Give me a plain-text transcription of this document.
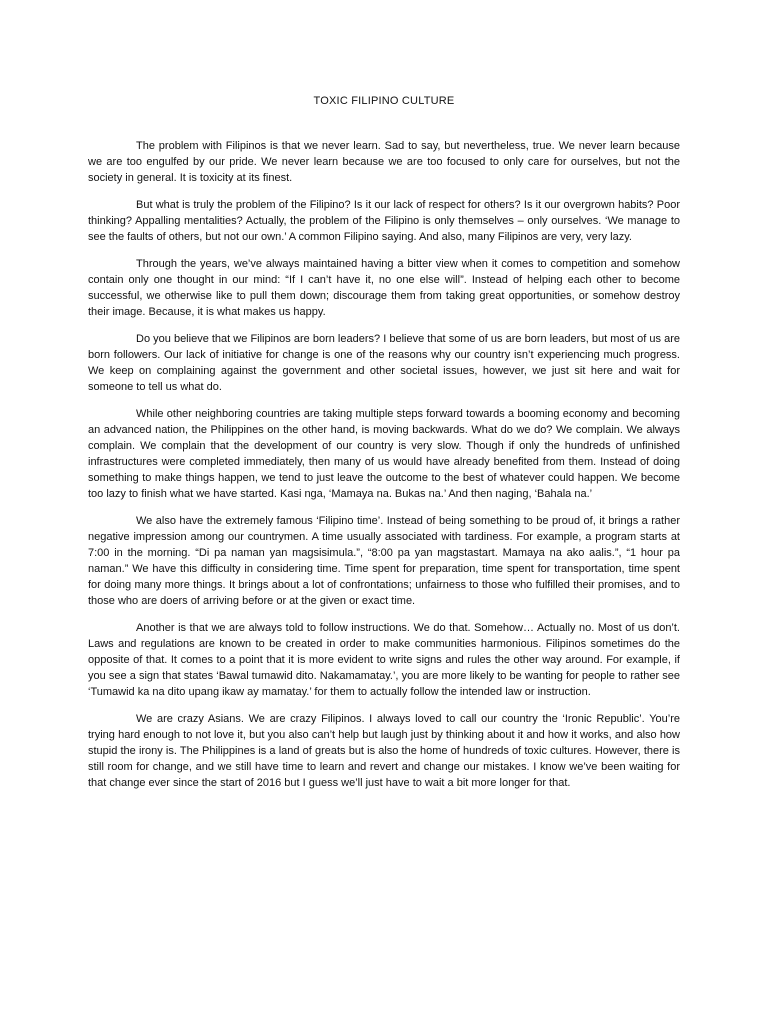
TOXIC FILIPINO CULTURE

The problem with Filipinos is that we never learn. Sad to say, but nevertheless, true. We never learn because we are too engulfed by our pride. We never learn because we are too focused to only care for ourselves, but not the society in general. It is toxicity at its finest.

But what is truly the problem of the Filipino? Is it our lack of respect for others? Is it our overgrown habits? Poor thinking? Appalling mentalities? Actually, the problem of the Filipino is only themselves – only ourselves. ‘We manage to see the faults of others, but not our own.’ A common Filipino saying. And also, many Filipinos are very, very lazy.

Through the years, we’ve always maintained having a bitter view when it comes to competition and somehow contain only one thought in our mind: “If I can’t have it, no one else will”. Instead of helping each other to become successful, we otherwise like to pull them down; discourage them from taking great opportunities, or somehow destroy their image. Because, it is what makes us happy.

Do you believe that we Filipinos are born leaders? I believe that some of us are born leaders, but most of us are born followers. Our lack of initiative for change is one of the reasons why our country isn’t experiencing much progress. We keep on complaining against the government and other societal issues, however, we just sit here and wait for someone to tell us what do.

While other neighboring countries are taking multiple steps forward towards a booming economy and becoming an advanced nation, the Philippines on the other hand, is moving backwards. What do we do? We complain. We always complain. We complain that the development of our country is very slow. Though if only the hundreds of unfinished infrastructures were completed immediately, then many of us would have already benefited from them. Instead of doing something to make things happen, we tend to just leave the outcome to the best of whatever could happen. We become too lazy to finish what we have started. Kasi nga, ‘Mamaya na. Bukas na.’ And then naging, ‘Bahala na.’

We also have the extremely famous ‘Filipino time’. Instead of being something to be proud of, it brings a rather negative impression among our countrymen. A time usually associated with tardiness. For example, a program starts at 7:00 in the morning. “Di pa naman yan magsisimula.”, “8:00 pa yan magstastart. Mamaya na ako aalis.”, “1 hour pa naman.” We have this difficulty in considering time. Time spent for preparation, time spent for transportation, time spent for doing many more things. It brings about a lot of confrontations; unfairness to those who fulfilled their promises, and to those who are doers of arriving before or at the given or exact time.

Another is that we are always told to follow instructions. We do that. Somehow… Actually no. Most of us don’t. Laws and regulations are known to be created in order to make communities harmonious. Filipinos sometimes do the opposite of that. It comes to a point that it is more evident to write signs and rules the other way around. For example, if you see a sign that states ‘Bawal tumawid dito. Nakamamatay.’, you are more likely to be wanting for people to rather see ‘Tumawid ka na dito upang ikaw ay mamatay.’ for them to actually follow the intended law or instruction.

We are crazy Asians. We are crazy Filipinos. I always loved to call our country the ‘Ironic Republic’. You’re trying hard enough to not love it, but you also can’t help but laugh just by thinking about it and how it works, and also how stupid the irony is. The Philippines is a land of greats but is also the home of hundreds of toxic cultures. However, there is still room for change, and we still have time to learn and revert and change our mistakes. I know we’ve been waiting for that change ever since the start of 2016 but I guess we’ll just have to wait a bit more longer for that.
